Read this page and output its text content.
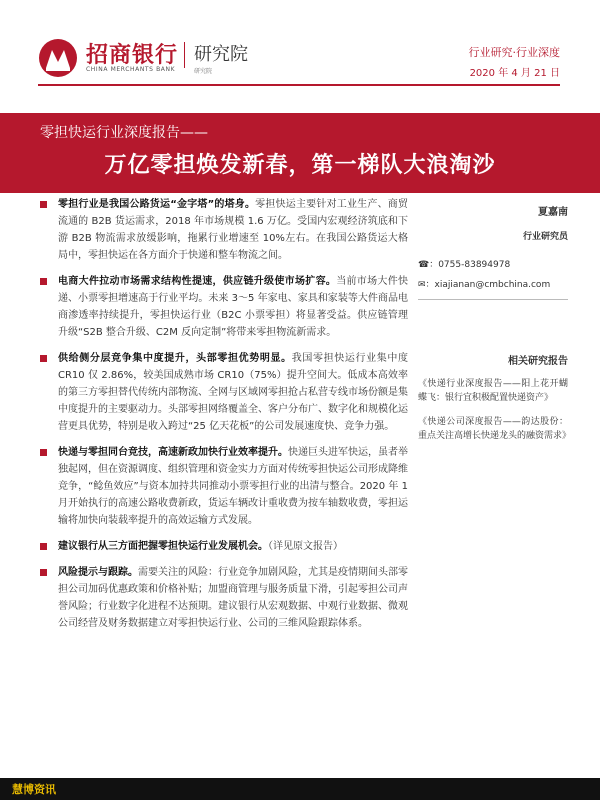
招商银行 研究院
CHINA MERCHANTS BANK	研究院
行业研究·行业深度
2020 年 4 月 21 日
零担快运行业深度报告——
万亿零担焕发新春，第一梯队大浪淘沙

零担行业是我国公路货运“金字塔”的塔身。零担快运主要针对工业生产、商贸流通的 B2B 货运需求，2018 年市场规模 1.6 万亿。受国内宏观经济筑底和下游 B2B 物流需求放缓影响，拖累行业增速至 10%左右。在我国公路货运大格局中，零担快运在各方面介于快递和整车物流之间。

电商大件拉动市场需求结构性提速，供应链升级使市场扩容。当前市场大件快递、小票零担增速高于行业平均。未来 3～5 年家电、家具和家装等大件商品电商渗透率持续提升，零担快运行业（B2C 小票零担）将显著受益。供应链管理升级“S2B 整合升级、C2M 反向定制”将带来零担物流新需求。

供给侧分层竞争集中度提升，头部零担优势明显。我国零担快运行业集中度 CR10 仅 2.86%，较美国成熟市场 CR10（75%）提升空间大。低成本高效率的第三方零担替代传统内部物流、全网与区域网零担抢占私营专线市场份额是集中度提升的主要驱动力。头部零担网络覆盖全、客户分布广、数字化和规模化运营更具优势，特别是收入跨过“25 亿天花板”的公司发展速度快、竞争力强。

快递与零担同台竞技，高速新政加快行业效率提升。快递巨头进军快运，虽者举独起网，但在资源调度、组织管理和资金实力方面对传统零担快运公司形成降维竞争，“鲶鱼效应”与资本加持共同推动小票零担行业的出清与整合。2020 年 1 月开始执行的高速公路收费新政，货运车辆改计重收费为按车轴数收费，零担运输将加快向装载率提升的高效运输方式发展。

建议银行从三方面把握零担快运行业发展机会。（详见原文报告）

风险提示与跟踪。需要关注的风险：行业竞争加剧风险，尤其是疫情期间头部零担公司加码优惠政策和价格补贴；加盟商管理与服务质量下滑，引起零担公司声誉风险；行业数字化进程不达预期。建议银行从宏观数据、中观行业数据、微观公司经营及财务数据建立对零担快运行业、公司的三维风险跟踪体系。

夏嘉南
行业研究员
☎：0755-83894978
✉：xiajianan@cmbchina.com
相关研究报告
《快递行业深度报告——阳上花开蝴蝶飞：银行宜积极配置快递资产》
《快递公司深度报告——韵达股份：重点关注高增长快递龙头的融资需求》
慧博资讯
